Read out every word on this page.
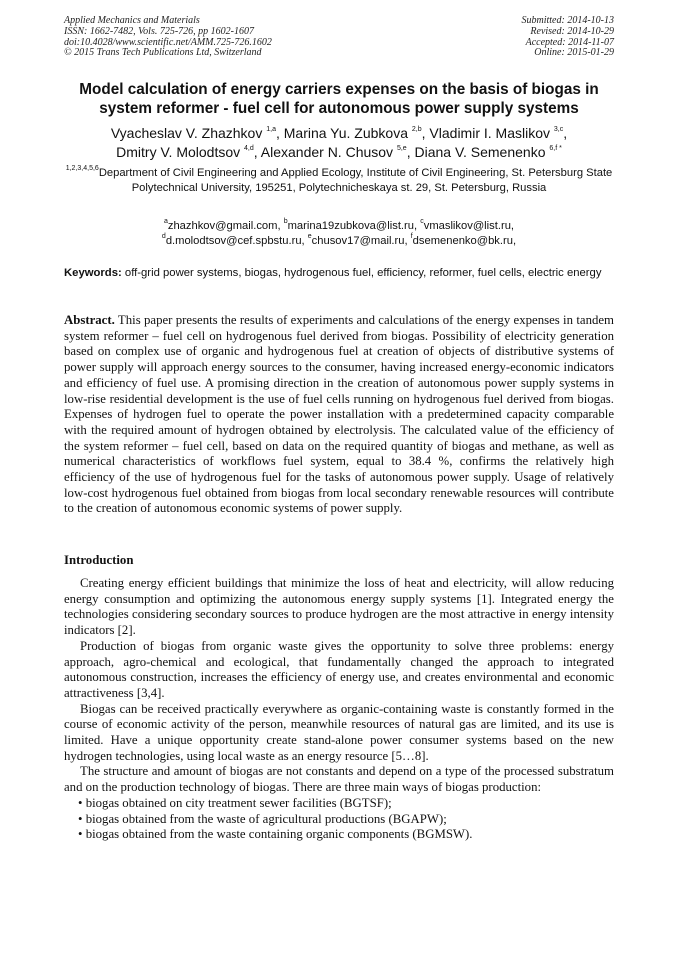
Applied Mechanics and Materials
ISSN: 1662-7482, Vols. 725-726, pp 1602-1607
doi:10.4028/www.scientific.net/AMM.725-726.1602
© 2015 Trans Tech Publications Ltd, Switzerland
Submitted: 2014-10-13
Revised: 2014-10-29
Accepted: 2014-11-07
Online: 2015-01-29
Model calculation of energy carriers expenses on the basis of biogas in system reformer - fuel cell for autonomous power supply systems
Vyacheslav V. Zhazhkov $^{1,a}$, Marina Yu. Zubkova $^{2,b}$, Vladimir I. Maslikov $^{3,c}$,
Dmitry V. Molodtsov $^{4,d}$, Alexander N. Chusov $^{5,e}$, Diana V. Semenenko $^{6,f *}$
$^{1,2,3,4,5,6}$Department of Civil Engineering and Applied Ecology, Institute of Civil Engineering, St. Petersburg State Polytechnical University, 195251, Polytechnicheskaya st. 29, St. Petersburg, Russia
$^a$zhazhkov@gmail.com, $^b$marina19zubkova@list.ru, $^c$vmaslikov@list.ru,
$^d$d.molodtsov@cef.spbstu.ru, $^e$chusov17@mail.ru, $^f$dsemenenko@bk.ru,
Keywords: off-grid power systems, biogas, hydrogenous fuel, efficiency, reformer, fuel cells, electric energy
Abstract. This paper presents the results of experiments and calculations of the energy expenses in tandem system reformer – fuel cell on hydrogenous fuel derived from biogas. Possibility of electricity generation based on complex use of organic and hydrogenous fuel at creation of objects of distributive systems of power supply will approach energy sources to the consumer, having increased energy-economic indicators and efficiency of fuel use. A promising direction in the creation of autonomous power supply systems in low-rise residential development is the use of fuel cells running on hydrogenous fuel derived from biogas. Expenses of hydrogen fuel to operate the power installation with a predetermined capacity comparable with the required amount of hydrogen obtained by electrolysis. The calculated value of the efficiency of the system reformer – fuel cell, based on data on the required quantity of biogas and methane, as well as numerical characteristics of workflows fuel system, equal to 38.4 %, confirms the relatively high efficiency of the use of hydrogenous fuel for the tasks of autonomous power supply. Usage of relatively low-cost hydrogenous fuel obtained from biogas from local secondary renewable resources will contribute to the creation of autonomous economic systems of power supply.
Introduction

Creating energy efficient buildings that minimize the loss of heat and electricity, will allow reducing energy consumption and optimizing the autonomous energy supply systems [1]. Integrated energy the technologies considering secondary sources to produce hydrogen are the most attractive in energy intensity indicators [2].

Production of biogas from organic waste gives the opportunity to solve three problems: energy approach, agro-chemical and ecological, that fundamentally changed the approach to integrated autonomous construction, increases the efficiency of energy use, and creates environmental and economic attractiveness [3,4].

Biogas can be received practically everywhere as organic-containing waste is constantly formed in the course of economic activity of the person, meanwhile resources of natural gas are limited, and its use is limited. Have a unique opportunity create stand-alone power consumer systems based on the new hydrogen technologies, using local waste as an energy resource [5…8].

The structure and amount of biogas are not constants and depend on a type of the processed substratum and on the production technology of biogas. There are three main ways of biogas production:

• biogas obtained on city treatment sewer facilities (BGTSF);
• biogas obtained from the waste of agricultural productions (BGAPW);
• biogas obtained from the waste containing organic components (BGMSW).
